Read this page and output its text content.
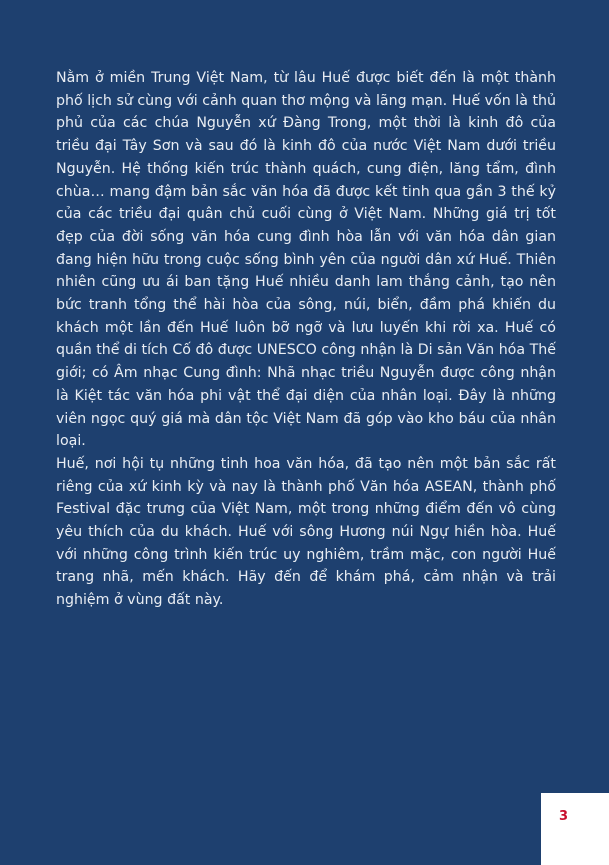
Nằm ở miền Trung Việt Nam, từ lâu Huế được biết đến là một thành phố lịch sử cùng với cảnh quan thơ mộng và lãng mạn. Huế vốn là thủ phủ của các chúa Nguyễn xứ Đàng Trong, một thời là kinh đô của triều đại Tây Sơn và sau đó là kinh đô của nước Việt Nam dưới triều Nguyễn. Hệ thống kiến trúc thành quách, cung điện, lăng tẩm, đình chùa… mang đậm bản sắc văn hóa đã được kết tinh qua gần 3 thế kỷ của các triều đại quân chủ cuối cùng ở Việt Nam. Những giá trị tốt đẹp của đời sống văn hóa cung đình hòa lẫn với văn hóa dân gian đang hiện hữu trong cuộc sống bình yên của người dân xứ Huế. Thiên nhiên cũng ưu ái ban tặng Huế nhiều danh lam thắng cảnh, tạo nên bức tranh tổng thể hài hòa của sông, núi, biển, đầm phá khiến du khách một lần đến Huế luôn bỡ ngỡ và lưu luyến khi rời xa. Huế có quần thể di tích Cố đô được UNESCO công nhận là Di sản Văn hóa Thế giới; có Âm nhạc Cung đình: Nhã nhạc triều Nguyễn được công nhận là Kiệt tác văn hóa phi vật thể đại diện của nhân loại. Đây là những viên ngọc quý giá mà dân tộc Việt Nam đã góp vào kho báu của nhân loại.

Huế, nơi hội tụ những tinh hoa văn hóa, đã tạo nên một bản sắc rất riêng của xứ kinh kỳ và nay là thành phố Văn hóa ASEAN, thành phố Festival đặc trưng của Việt Nam, một trong những điểm đến vô cùng yêu thích của du khách. Huế với sông Hương núi Ngự hiền hòa. Huế với những công trình kiến trúc uy nghiêm, trầm mặc, con người Huế trang nhã, mến khách. Hãy đến để khám phá, cảm nhận và trải nghiệm ở vùng đất này.

3
